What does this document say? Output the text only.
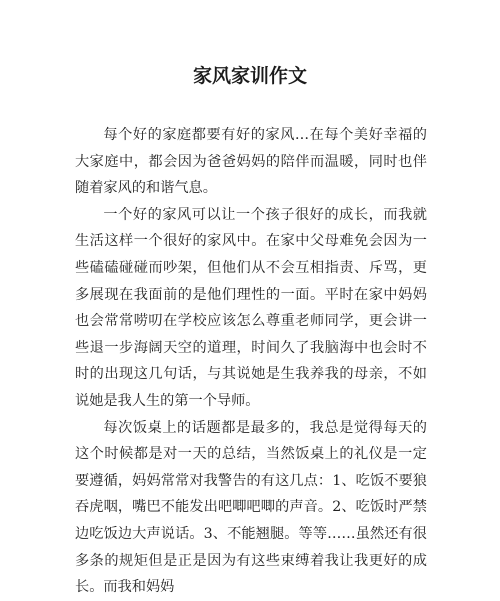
家风家训作文

每个好的家庭都要有好的家风…在每个美好幸福的大家庭中，都会因为爸爸妈妈的陪伴而温暖，同时也伴随着家风的和谐气息。

一个好的家风可以让一个孩子很好的成长，而我就生活这样一个很好的家风中。在家中父母难免会因为一些磕磕碰碰而吵架，但他们从不会互相指责、斥骂，更多展现在我面前的是他们理性的一面。平时在家中妈妈也会常常唠叨在学校应该怎么尊重老师同学，更会讲一些退一步海阔天空的道理，时间久了我脑海中也会时不时的出现这几句话，与其说她是生我养我的母亲，不如说她是我人生的第一个导师。

每次饭桌上的话题都是最多的，我总是觉得每天的这个时候都是对一天的总结，当然饭桌上的礼仪是一定要遵循，妈妈常常对我警告的有这几点：1、吃饭不要狼吞虎咽，嘴巴不能发出吧唧吧唧的声音。2、吃饭时严禁边吃饭边大声说话。3、不能翘腿。等等……虽然还有很多条的规矩但是正是因为有这些束缚着我让我更好的成长。而我和妈妈
